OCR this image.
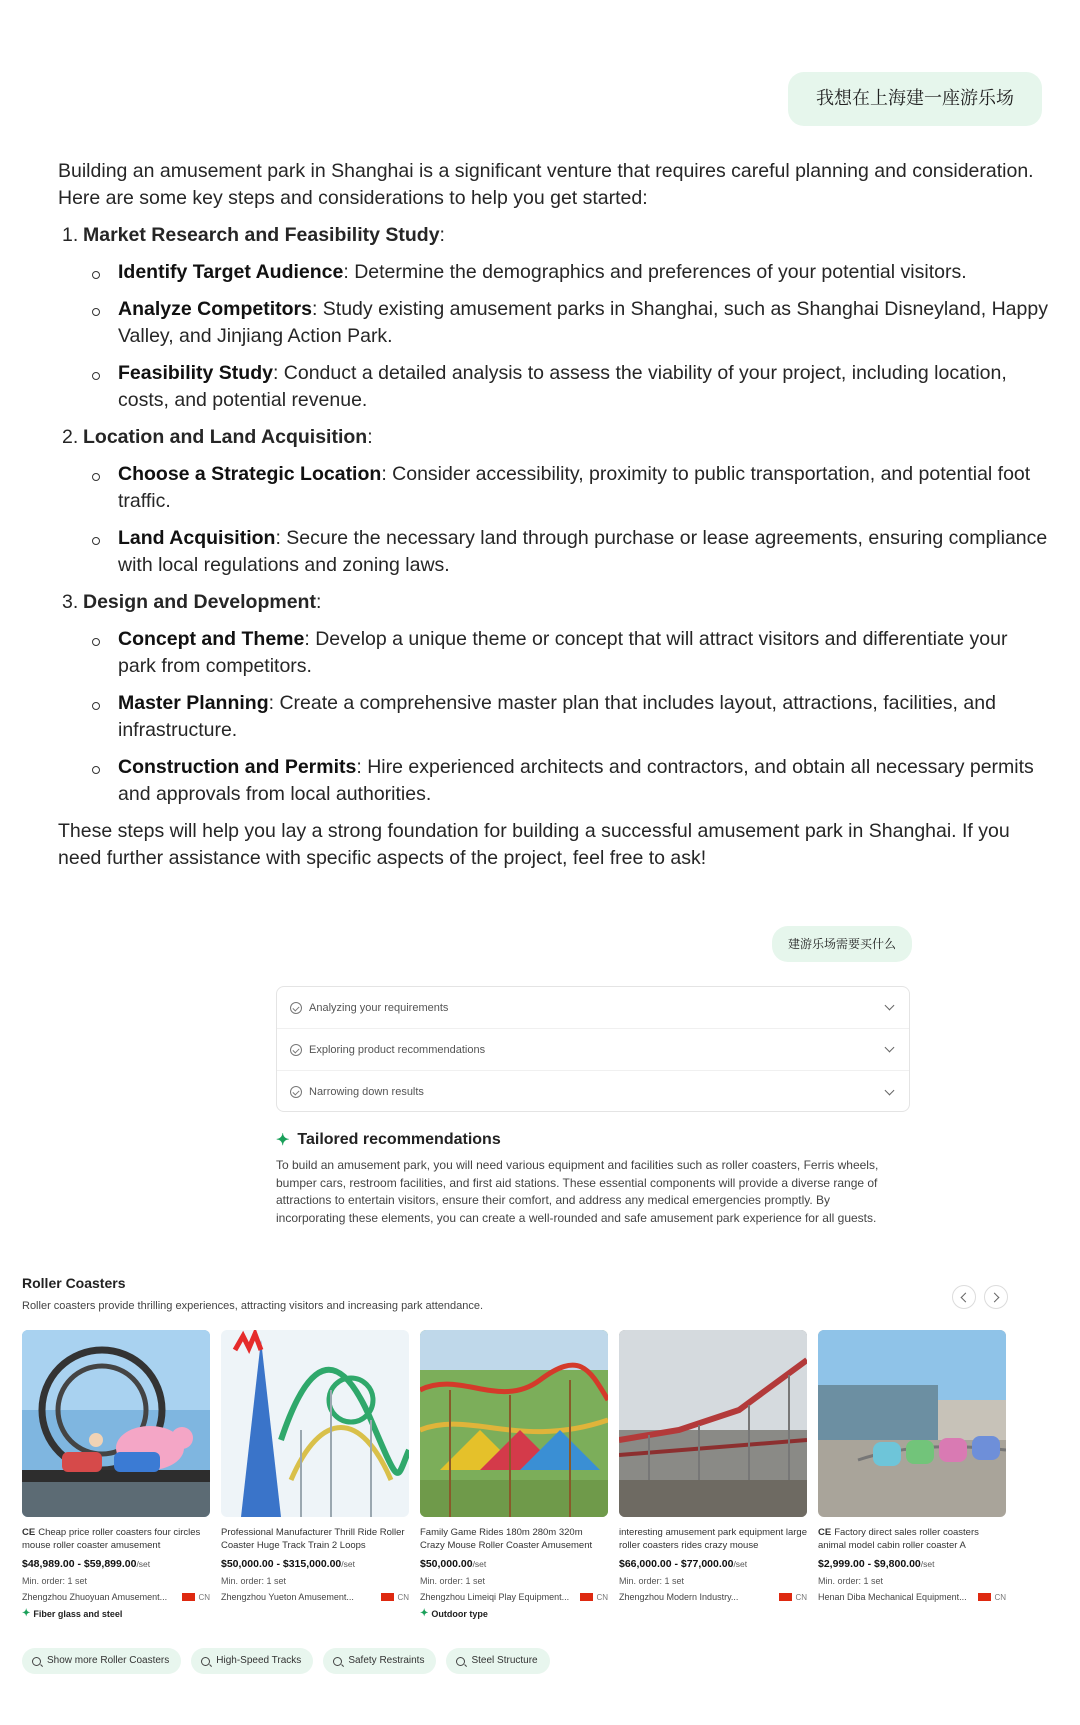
我想在上海建一座游乐场

Building an amusement park in Shanghai is a significant venture that requires careful planning and consideration. Here are some key steps and considerations to help you get started:

1. Market Research and Feasibility Study:
Identify Target Audience: Determine the demographics and preferences of your potential visitors.
Analyze Competitors: Study existing amusement parks in Shanghai, such as Shanghai Disneyland, Happy Valley, and Jinjiang Action Park.
Feasibility Study: Conduct a detailed analysis to assess the viability of your project, including location, costs, and potential revenue.
2. Location and Land Acquisition:
Choose a Strategic Location: Consider accessibility, proximity to public transportation, and potential foot traffic.
Land Acquisition: Secure the necessary land through purchase or lease agreements, ensuring compliance with local regulations and zoning laws.
3. Design and Development:
Concept and Theme: Develop a unique theme or concept that will attract visitors and differentiate your park from competitors.
Master Planning: Create a comprehensive master plan that includes layout, attractions, facilities, and infrastructure.
Construction and Permits: Hire experienced architects and contractors, and obtain all necessary permits and approvals from local authorities.

These steps will help you lay a strong foundation for building a successful amusement park in Shanghai. If you need further assistance with specific aspects of the project, feel free to ask!

建游乐场需要买什么
Analyzing your requirements
Exploring product recommendations
Narrowing down results
✦ Tailored recommendations
To build an amusement park, you will need various equipment and facilities such as roller coasters, Ferris wheels, bumper cars, restroom facilities, and first aid stations. These essential components will provide a diverse range of attractions to entertain visitors, ensure their comfort, and address any medical emergencies promptly. By incorporating these elements, you can create a well-rounded and safe amusement park experience for all guests.
Roller Coasters
Roller coasters provide thrilling experiences, attracting visitors and increasing park attendance.
CE Cheap price roller coasters four circles mouse roller coaster amusement
$48,989.00 - $59,899.00/set
Min. order: 1 set
Zhengzhou Zhuoyuan Amusement...	CN
✦ Fiber glass and steel
Professional Manufacturer Thrill Ride Roller Coaster Huge Track Train 2 Loops
$50,000.00 - $315,000.00/set
Min. order: 1 set
Zhengzhou Yueton Amusement...	CN
Family Game Rides 180m 280m 320m Crazy Mouse Roller Coaster Amusement
$50,000.00/set
Min. order: 1 set
Zhengzhou Limeiqi Play Equipment...	CN
✦ Outdoor type
interesting amusement park equipment large roller coasters rides crazy mouse
$66,000.00 - $77,000.00/set
Min. order: 1 set
Zhengzhou Modern Industry...	CN
CE Factory direct sales roller coasters animal model cabin roller coaster A
$2,999.00 - $9,800.00/set
Min. order: 1 set
Henan Diba Mechanical Equipment...	CN
Show more Roller Coasters	High-Speed Tracks	Safety Restraints	Steel Structure
